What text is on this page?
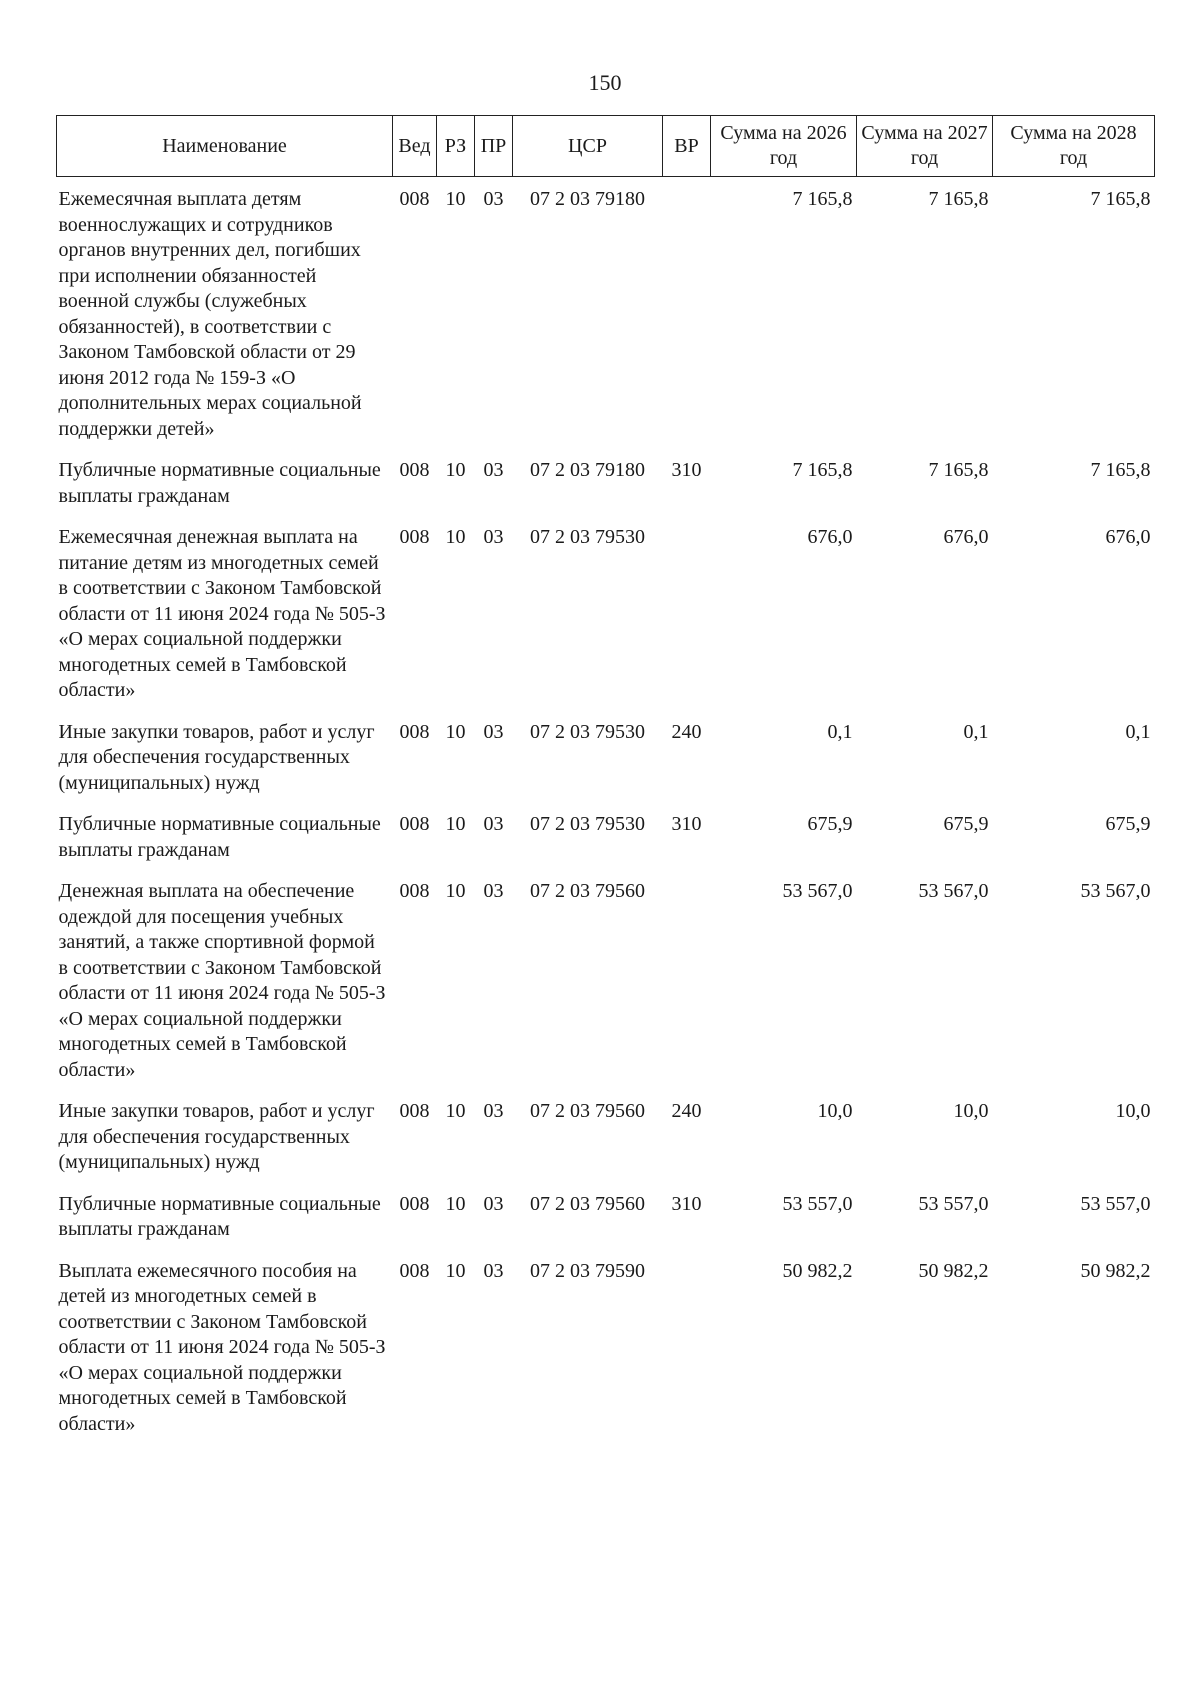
150
Наименование	Вед	РЗ	ПР	ЦСР	ВР	Сумма на 2026 год	Сумма на 2027 год	Сумма на 2028 год
Ежемесячная выплата детям военнослужащих и сотрудников органов внутренних дел, погибших при исполнении обязанностей военной службы (служебных обязанностей), в соответствии с Законом Тамбовской области от 29 июня 2012 года № 159-З «О дополнительных мерах социальной поддержки детей»	008	10	03	07 2 03 79180		7 165,8	7 165,8	7 165,8
Публичные нормативные социальные выплаты гражданам	008	10	03	07 2 03 79180	310	7 165,8	7 165,8	7 165,8
Ежемесячная денежная выплата на питание детям из многодетных семей в соответствии с Законом Тамбовской области от 11 июня 2024 года № 505-З «О мерах социальной поддержки многодетных семей в Тамбовской области»	008	10	03	07 2 03 79530		676,0	676,0	676,0
Иные закупки товаров, работ и услуг для обеспечения государственных (муниципальных) нужд	008	10	03	07 2 03 79530	240	0,1	0,1	0,1
Публичные нормативные социальные выплаты гражданам	008	10	03	07 2 03 79530	310	675,9	675,9	675,9
Денежная выплата на обеспечение одеждой для посещения учебных занятий, а также спортивной формой в соответствии с Законом Тамбовской области от 11 июня 2024 года № 505-З «О мерах социальной поддержки многодетных семей в Тамбовской области»	008	10	03	07 2 03 79560		53 567,0	53 567,0	53 567,0
Иные закупки товаров, работ и услуг для обеспечения государственных (муниципальных) нужд	008	10	03	07 2 03 79560	240	10,0	10,0	10,0
Публичные нормативные социальные выплаты гражданам	008	10	03	07 2 03 79560	310	53 557,0	53 557,0	53 557,0
Выплата ежемесячного пособия на детей из многодетных семей в соответствии с Законом Тамбовской области от 11 июня 2024 года № 505-З «О мерах социальной поддержки многодетных семей в Тамбовской области»	008	10	03	07 2 03 79590		50 982,2	50 982,2	50 982,2
